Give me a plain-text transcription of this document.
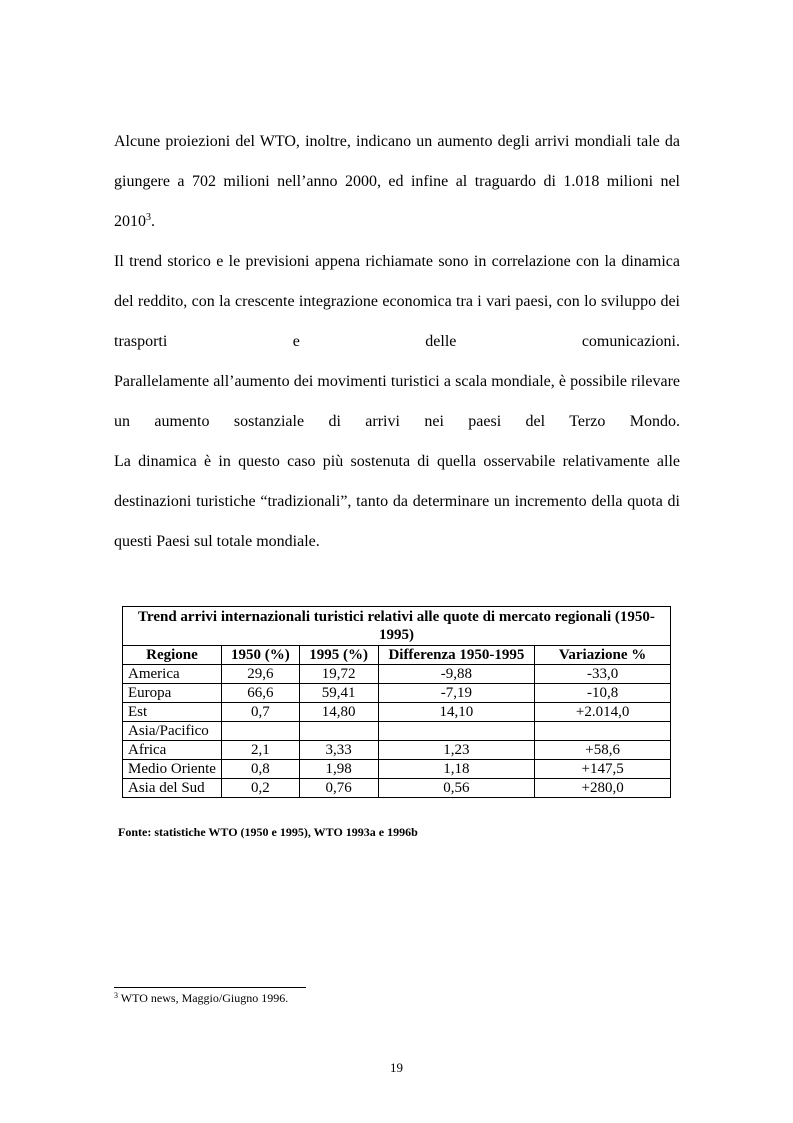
Alcune proiezioni del WTO, inoltre, indicano un aumento degli arrivi mondiali tale da giungere a 702 milioni nell’anno 2000, ed infine al traguardo di 1.018 milioni nel 2010$^3$.

Il trend storico e le previsioni appena richiamate sono in correlazione con la dinamica del reddito, con la crescente integrazione economica tra i vari paesi, con lo sviluppo dei trasporti e delle comunicazioni.

Parallelamente all’aumento dei movimenti turistici a scala mondiale, è possibile rilevare un aumento sostanziale di arrivi nei paesi del Terzo Mondo.

La dinamica è in questo caso più sostenuta di quella osservabile relativamente alle destinazioni turistiche “tradizionali”, tanto da determinare un incremento della quota di questi Paesi sul totale mondiale.

Trend arrivi internazionali turistici relativi alle quote di mercato regionali (1950-1995)				
Regione	1950 (%)	1995 (%)	Differenza 1950-1995	Variazione %
America	29,6	19,72	-9,88	-33,0
Europa	66,6	59,41	-7,19	-10,8
Est	0,7	14,80	14,10	+2.014,0
Asia/Pacifico				
Africa	2,1	3,33	1,23	+58,6
Medio Oriente	0,8	1,98	1,18	+147,5
Asia del Sud	0,2	0,76	0,56	+280,0

Fonte: statistiche WTO (1950 e 1995), WTO 1993a e 1996b

$^3$ WTO news, Maggio/Giugno 1996.

19
